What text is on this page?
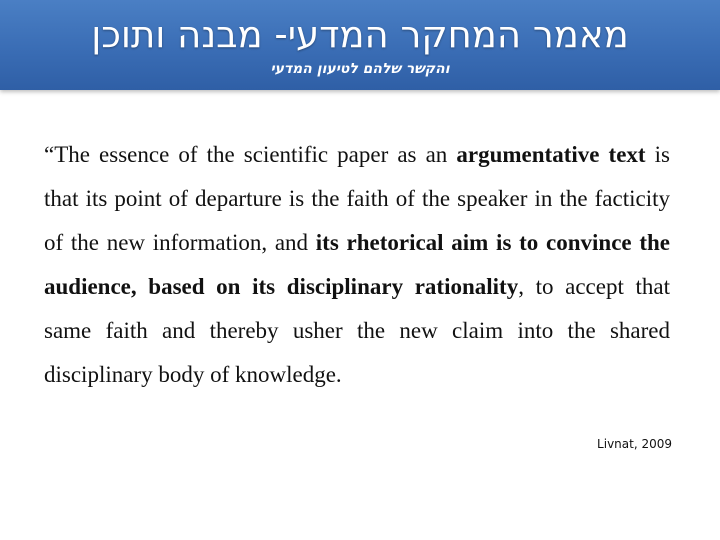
מאמר המחקר המדעי- מבנה ותוכן
והקשר שלהם לטיעון המדעי

“The essence of the scientific paper as an argumentative text is that its point of departure is the faith of the speaker in the facticity of the new information, and its rhetorical aim is to convince the audience, based on its disciplinary rationality, to accept that same faith and thereby usher the new claim into the shared disciplinary body of knowledge.

Livnat, 2009
